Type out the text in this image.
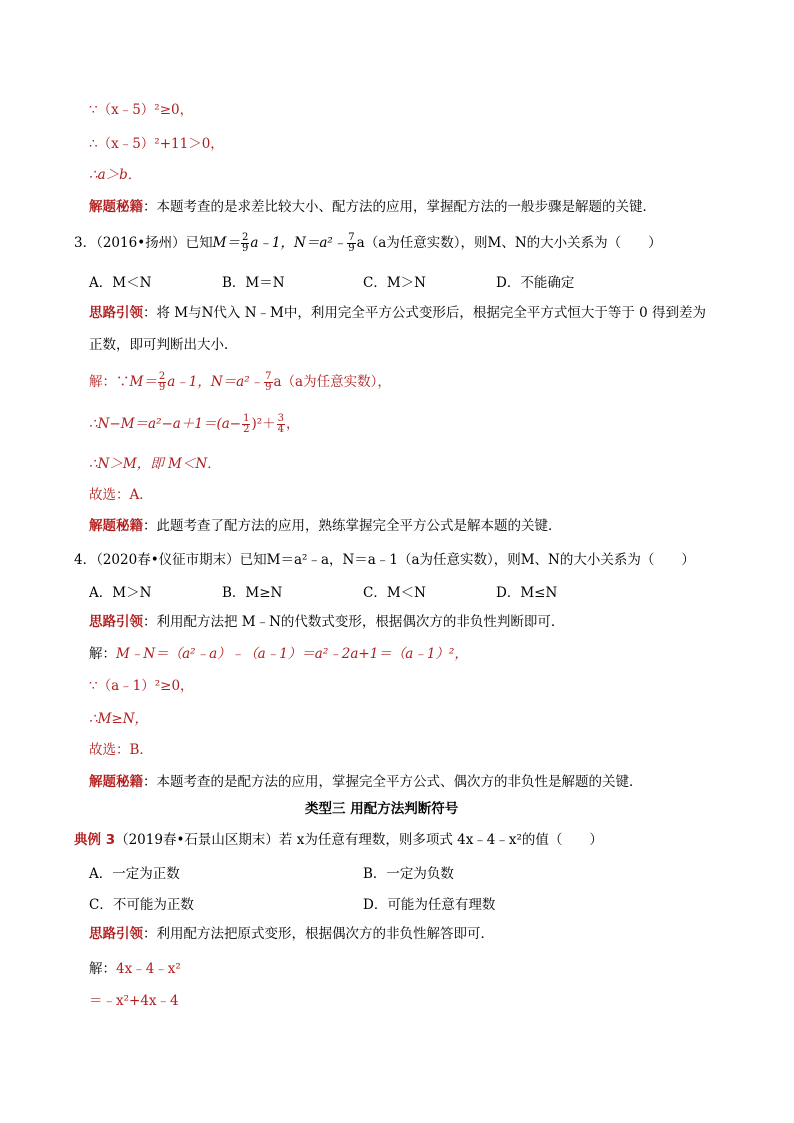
∵（x﹣5）²≥0，
∴（x﹣5）²+11＞0，
∴a＞b．
解题秘籍：本题考查的是求差比较大小、配方法的应用，掌握配方法的一般步骤是解题的关键．
3．（2016•扬州）已知$M= \frac{2}{9}$ a﹣1，N＝a²﹣ $\frac{7}{9} a(a$为任意实数），则M、N的大小关系为（　　）
A．M＜N	B．M＝N	C．M＞N	D．不能确定
思路引领：将 M与N代入 N﹣M中，利用完全平方公式变形后，根据完全平方式恒大于等于 0 得到差为
正数，即可判断出大小．
解：∵M＝ $\frac{2}{9}$ a﹣1，N＝a²﹣ $\frac{7}{9} a(a$为任意实数），
∴N−M＝a²−a＋1＝(a− $\frac{1}{2} )^2+ \frac{3}{4}$ ，
∴N＞M，即 M＜N．
故选：A．
解题秘籍：此题考查了配方法的应用，熟练掌握完全平方公式是解本题的关键．
4．（2020春•仪征市期末）已知M＝a²﹣a，N＝a﹣1（a为任意实数），则M、N的大小关系为（　　）
A．M＞N	B．M≥N	C．M＜N	D．M≤N
思路引领：利用配方法把 M﹣N的代数式变形，根据偶次方的非负性判断即可．
解：M﹣N＝（a²﹣a）﹣（a﹣1）＝a²﹣2a+1＝（a﹣1）²，
∵（a﹣1）²≥0，
∴M≥N，
故选：B．
解题秘籍：本题考查的是配方法的应用，掌握完全平方公式、偶次方的非负性是解题的关键．
类型三 用配方法判断符号
典例 3（2019春•石景山区期末）若 x为任意有理数，则多项式 4x﹣4﹣x²的值（　　）
A．一定为正数	B．一定为负数
C．不可能为正数	D．可能为任意有理数
思路引领：利用配方法把原式变形，根据偶次方的非负性解答即可．
解：4x﹣4﹣x²
＝﹣x²+4x﹣4
